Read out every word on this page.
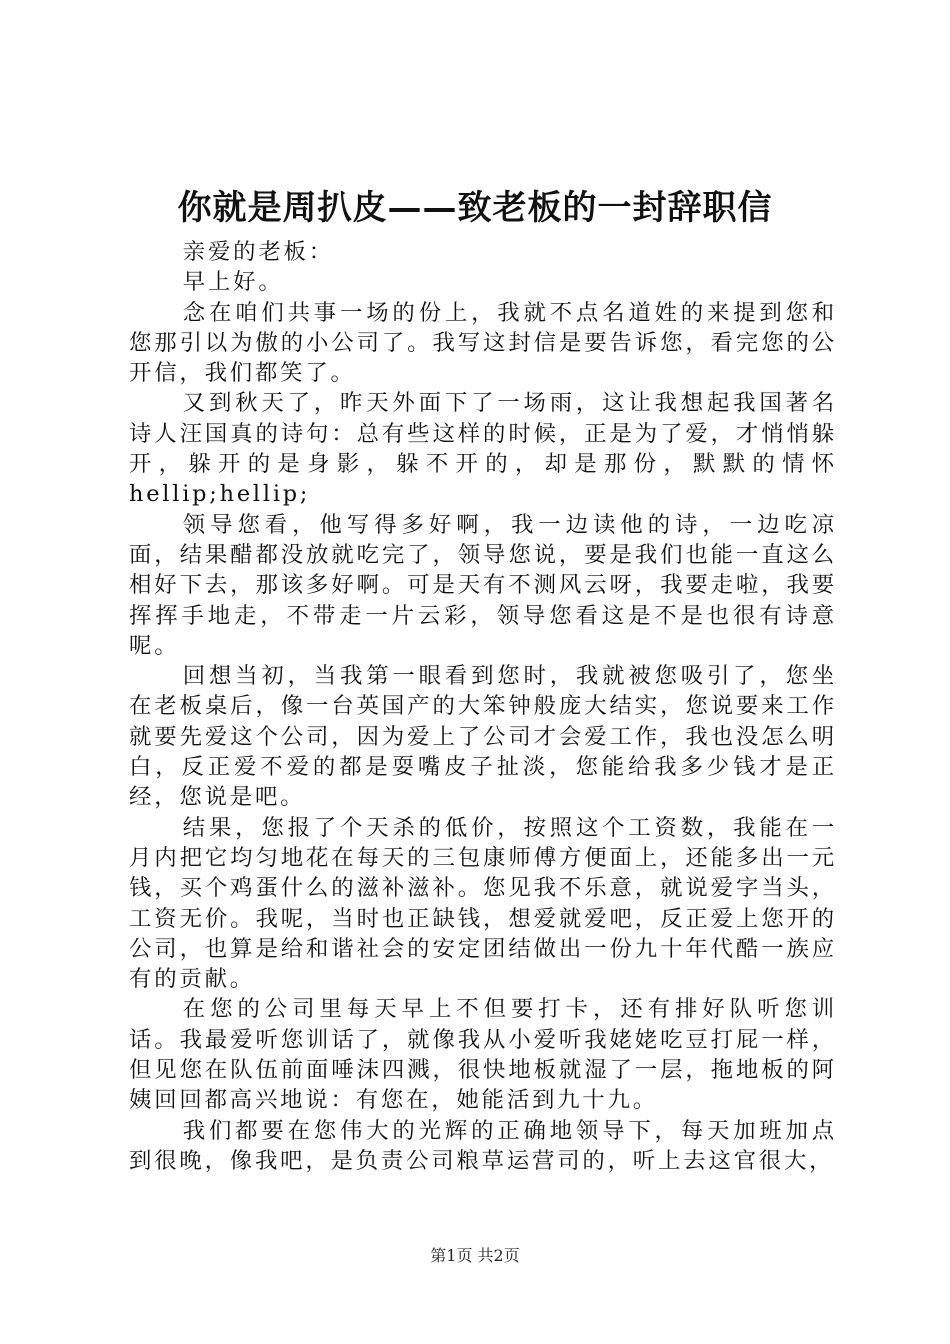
你就是周扒皮——致老板的一封辞职信

亲爱的老板：

早上好。

念在咱们共事一场的份上，我就不点名道姓的来提到您和您那引以为傲的小公司了。我写这封信是要告诉您，看完您的公开信，我们都笑了。

又到秋天了，昨天外面下了一场雨，这让我想起我国著名诗人汪国真的诗句：总有些这样的时候，正是为了爱，才悄悄躲开，躲开的是身影，躲不开的，却是那份，默默的情怀hellip;hellip;

领导您看，他写得多好啊，我一边读他的诗，一边吃凉面，结果醋都没放就吃完了，领导您说，要是我们也能一直这么相好下去，那该多好啊。可是天有不测风云呀，我要走啦，我要挥挥手地走，不带走一片云彩，领导您看这是不是也很有诗意呢。

回想当初，当我第一眼看到您时，我就被您吸引了，您坐在老板桌后，像一台英国产的大笨钟般庞大结实，您说要来工作就要先爱这个公司，因为爱上了公司才会爱工作，我也没怎么明白，反正爱不爱的都是耍嘴皮子扯淡，您能给我多少钱才是正经，您说是吧。

结果，您报了个天杀的低价，按照这个工资数，我能在一月内把它均匀地花在每天的三包康师傅方便面上，还能多出一元钱，买个鸡蛋什么的滋补滋补。您见我不乐意，就说爱字当头，工资无价。我呢，当时也正缺钱，想爱就爱吧，反正爱上您开的公司，也算是给和谐社会的安定团结做出一份九十年代酷一族应有的贡献。

在您的公司里每天早上不但要打卡，还有排好队听您训话。我最爱听您训话了，就像我从小爱听我姥姥吃豆打屁一样，但见您在队伍前面唾沫四溅，很快地板就湿了一层，拖地板的阿姨回回都高兴地说：有您在，她能活到九十九。

我们都要在您伟大的光辉的正确地领导下，每天加班加点到很晚，像我吧，是负责公司粮草运营司的，听上去这官很大，

第1页 共2页
